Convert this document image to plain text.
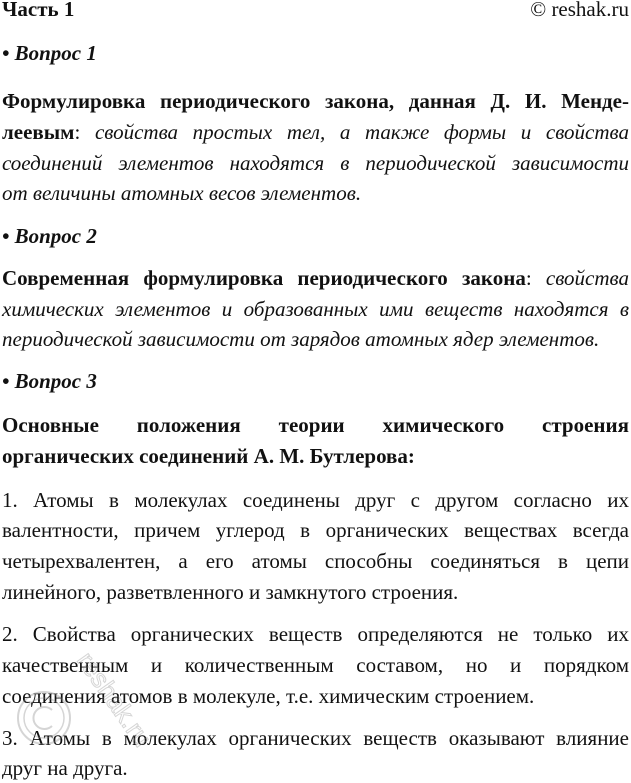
Часть 1	© reshak.ru
• Вопрос 1
Формулировка периодического закона, данная Д. И. Менде-
леевым: свойства простых тел, а также формы и свойства
соединений элементов находятся в периодической зависимости
от величины атомных весов элементов.
• Вопрос 2
Современная формулировка периодического закона: свойства
химических элементов и образованных ими веществ находятся в
периодической зависимости от зарядов атомных ядер элементов.
• Вопрос 3
Основные положения теории химического строения
органических соединений А. М. Бутлерова:
1. Атомы в молекулах соединены друг с другом согласно их
валентности, причем углерод в органических веществах всегда
четырехвалентен, а его атомы способны соединяться в цепи
линейного, разветвленного и замкнутого строения.
2. Свойства органических веществ определяются не только их
качественным и количественным составом, но и порядком
соединения атомов в молекуле, т.е. химическим строением.
3. Атомы в молекулах органических веществ оказывают влияние
друг на друга.
reshak.ru
